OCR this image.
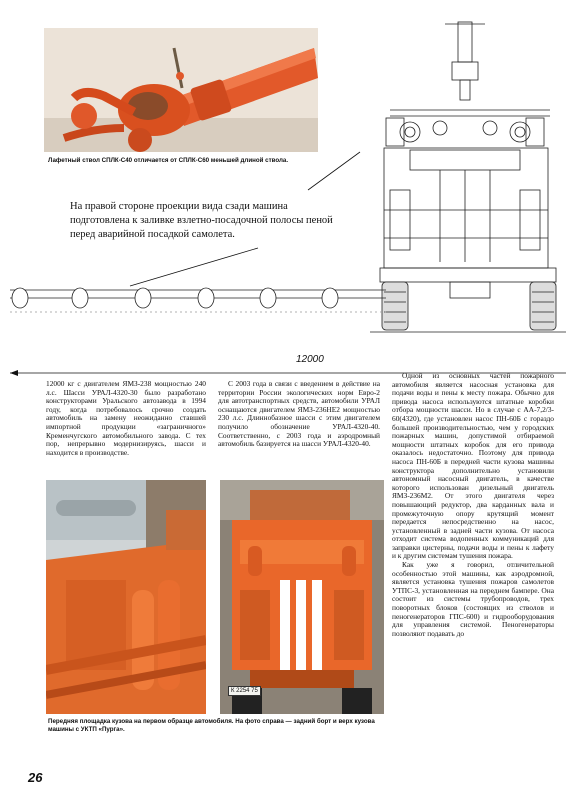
Лафетный ствол СПЛК-С40 отличается от СПЛК-С60 меньшей длиной ствола.
На правой стороне проекции вида сзади машина подготовлена к заливке взлетно-посадочной полосы пеной перед аварийной посадкой самолета.
12000

12000 кг с двигателем ЯМЗ-238 мощностью 240 л.с. Шасси УРАЛ-4320-30 было разработано конструкторами Уральского автозавода в 1994 году, когда потребовалось срочно создать автомобиль на замену неожиданно ставшей импортной продукции «заграничного» Кременчугского автомобильного завода. С тех пор, непрерывно модернизируясь, шасси и находится в производстве.

С 2003 года в связи с введением в действие на территории России экологических норм Евро-2 для автотранспортных средств, автомобили УРАЛ оснащаются двигателем ЯМЗ-236НЕ2 мощностью 230 л.с. Длиннобазное шасси с этим двигателем получило обозначение УРАЛ-4320-40. Соответственно, с 2003 года и аэродромный автомобиль базируется на шасси УРАЛ-4320-40.

Одной из основных частей пожарного автомобиля является насосная установка для подачи воды и пены к месту пожара. Обычно для привода насоса используются штатные коробки отбора мощности шасси. Но в случае с АА-7,2/3-60(4320), где установлен насос ПН-60Б с гораздо большей производительностью, чем у городских пожарных машин, допустимой отбираемой мощности штатных коробок для его привода оказалось недостаточно. Поэтому для привода насоса ПН-60Б в передней части кузова машины конструктора дополнительно установили автономный насосный двигатель, в качестве которого использован дизельный двигатель ЯМЗ-236М2. От этого двигателя через повышающий редуктор, два карданных вала и промежуточную опору крутящий момент передается непосредственно на насос, установленный в задней части кузова. От насоса отходит система водопенных коммуникаций для заправки цистерны, подачи воды и пены к лафету и к другим системам тушения пожара.

Как уже я говорил, отличительной особенностью этой машины, как аэродромной, является установка тушения пожаров самолетов УТПС-3, установленная на переднем бампере. Она состоит из системы трубопроводов, трех поворотных блоков (состоящих из стволов и пеногенераторов ГПС-600) и гидрооборудования для управления системой. Пеногенераторы позволяют подавать до

К 2254 75
Передняя площадка кузова на первом образце автомобиля. На фото справа — задний борт и верх кузова машины с УКТП «Пурга».
26
